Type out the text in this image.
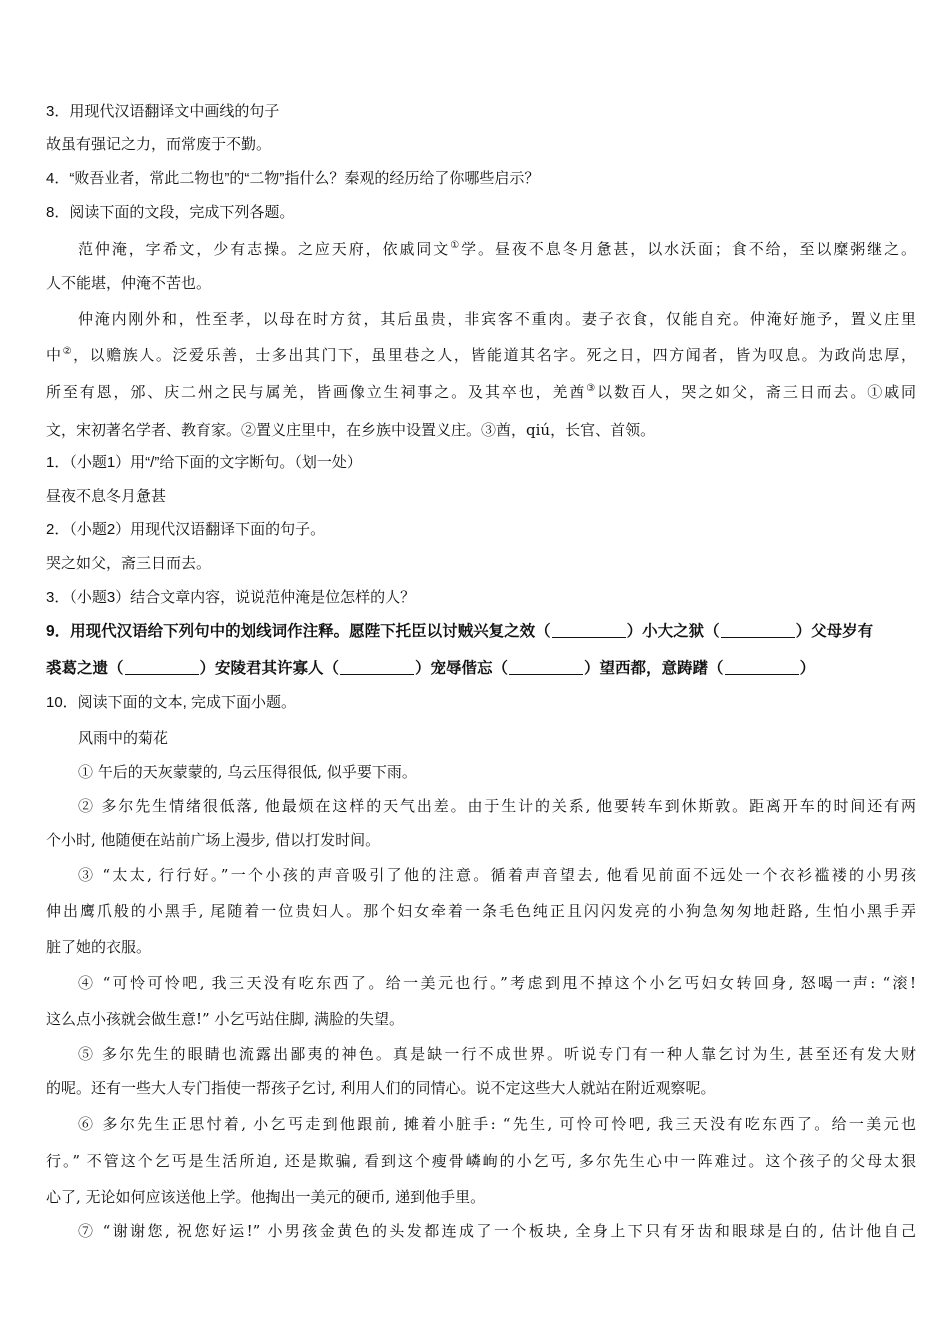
3．用现代汉语翻译文中画线的句子
故虽有强记之力，而常废于不勤。
4．“败吾业者，常此二物也”的“二物”指什么？秦观的经历给了你哪些启示？
8．阅读下面的文段，完成下列各题。
范仲淹，字希文，少有志操。之应天府，依戚同文①学。昼夜不息冬月惫甚，以水沃面；食不给，至以糜粥继之。
人不能堪，仲淹不苦也。
仲淹内刚外和，性至孝，以母在时方贫，其后虽贵，非宾客不重肉。妻子衣食，仅能自充。仲淹好施予，置义庄里
中②，以赡族人。泛爱乐善，士多出其门下，虽里巷之人，皆能道其名字。死之日，四方闻者，皆为叹息。为政尚忠厚，
所至有恩，邠、庆二州之民与属羌，皆画像立生祠事之。及其卒也，羌酋③以数百人，哭之如父，斋三日而去。①戚同
文，宋初著名学者、教育家。②置义庄里中，在乡族中设置义庄。③酋，qiú，长官、首领。
1．（小题1）用“/”给下面的文字断句。（划一处）
昼夜不息冬月惫甚
2．（小题2）用现代汉语翻译下面的句子。
哭之如父，斋三日而去。
3．（小题3）结合文章内容，说说范仲淹是位怎样的人？
9．用现代汉语给下列句中的划线词作注释。愿陛下托臣以讨贼兴复之效（	）小大之狱（	）父母岁有
裘葛之遗（	）安陵君其许寡人（	）宠辱偕忘（	）望西都，意踌躇（	）
10．阅读下面的文本, 完成下面小题。
风雨中的菊花
① 午后的天灰蒙蒙的, 乌云压得很低, 似乎要下雨。
② 多尔先生情绪很低落, 他最烦在这样的天气出差。由于生计的关系, 他要转车到休斯敦。距离开车的时间还有两
个小时, 他随便在站前广场上漫步, 借以打发时间。
③ “太太, 行行好。”一个小孩的声音吸引了他的注意。循着声音望去, 他看见前面不远处一个衣衫褴褛的小男孩
伸出鹰爪般的小黑手, 尾随着一位贵妇人。那个妇女牵着一条毛色纯正且闪闪发亮的小狗急匆匆地赶路, 生怕小黑手弄
脏了她的衣服。
④ “可怜可怜吧, 我三天没有吃东西了。给一美元也行。”考虑到甩不掉这个小乞丐妇女转回身, 怒喝一声: “滚!
这么点小孩就会做生意!” 小乞丐站住脚, 满脸的失望。
⑤ 多尔先生的眼睛也流露出鄙夷的神色。真是缺一行不成世界。听说专门有一种人靠乞讨为生, 甚至还有发大财
的呢。还有一些大人专门指使一帮孩子乞讨, 利用人们的同情心。说不定这些大人就站在附近观察呢。
⑥ 多尔先生正思忖着, 小乞丐走到他跟前, 摊着小脏手: “先生, 可怜可怜吧, 我三天没有吃东西了。给一美元也
行。” 不管这个乞丐是生活所迫, 还是欺骗, 看到这个瘦骨嶙峋的小乞丐, 多尔先生心中一阵难过。这个孩子的父母太狠
心了, 无论如何应该送他上学。他掏出一美元的硬币, 递到他手里。
⑦ “谢谢您, 祝您好运!” 小男孩金黄色的头发都连成了一个板块, 全身上下只有牙齿和眼球是白的, 估计他自己
